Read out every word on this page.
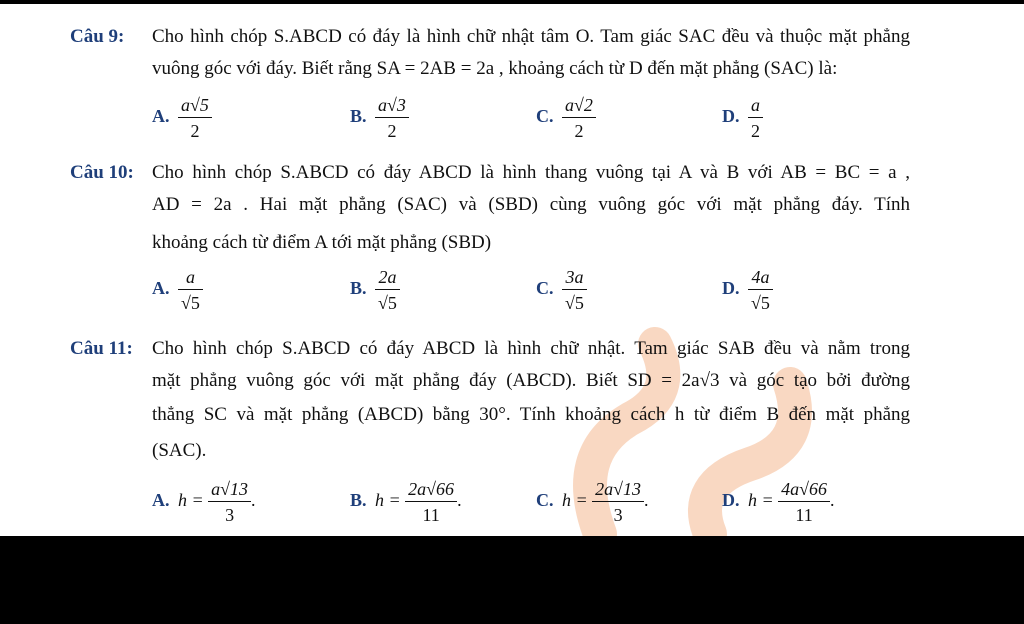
Câu 9: Cho hình chóp S.ABCD có đáy là hình chữ nhật tâm O. Tam giác SAC đều và thuộc mặt phẳng
vuông góc với đáy. Biết rằng SA = 2AB = 2a , khoảng cách từ D đến mặt phẳng (SAC) là:
A. $\frac{a√5}{2}$	B. $\frac{a√3}{2}$	C. $\frac{a√2}{2}$	D. $\frac{a}{2}$
Câu 10: Cho hình chóp S.ABCD có đáy ABCD là hình thang vuông tại A và B với AB = BC = a ,
AD = 2a . Hai mặt phẳng (SAC) và (SBD) cùng vuông góc với mặt phẳng đáy. Tính
khoảng cách từ điểm A tới mặt phẳng (SBD)
A. $\frac{a}{√5}$	B. $\frac{2a}{√5}$	C. $\frac{3a}{√5}$	D. $\frac{4a}{√5}$
Câu 11: Cho hình chóp S.ABCD có đáy ABCD là hình chữ nhật. Tam giác SAB đều và nằm trong
mặt phẳng vuông góc với mặt phẳng đáy (ABCD). Biết SD = 2a√3 và góc tạo bởi đường
thẳng SC và mặt phẳng (ABCD) bằng 30°. Tính khoảng cách h từ điểm B đến mặt phẳng
(SAC).
A. $h = \frac{a√13}{3}$ .	B. $h = \frac{2a√66}{11}$ .	C. $h = \frac{2a√13}{3}$ .	D. $h = \frac{4a√66}{11}$ .
